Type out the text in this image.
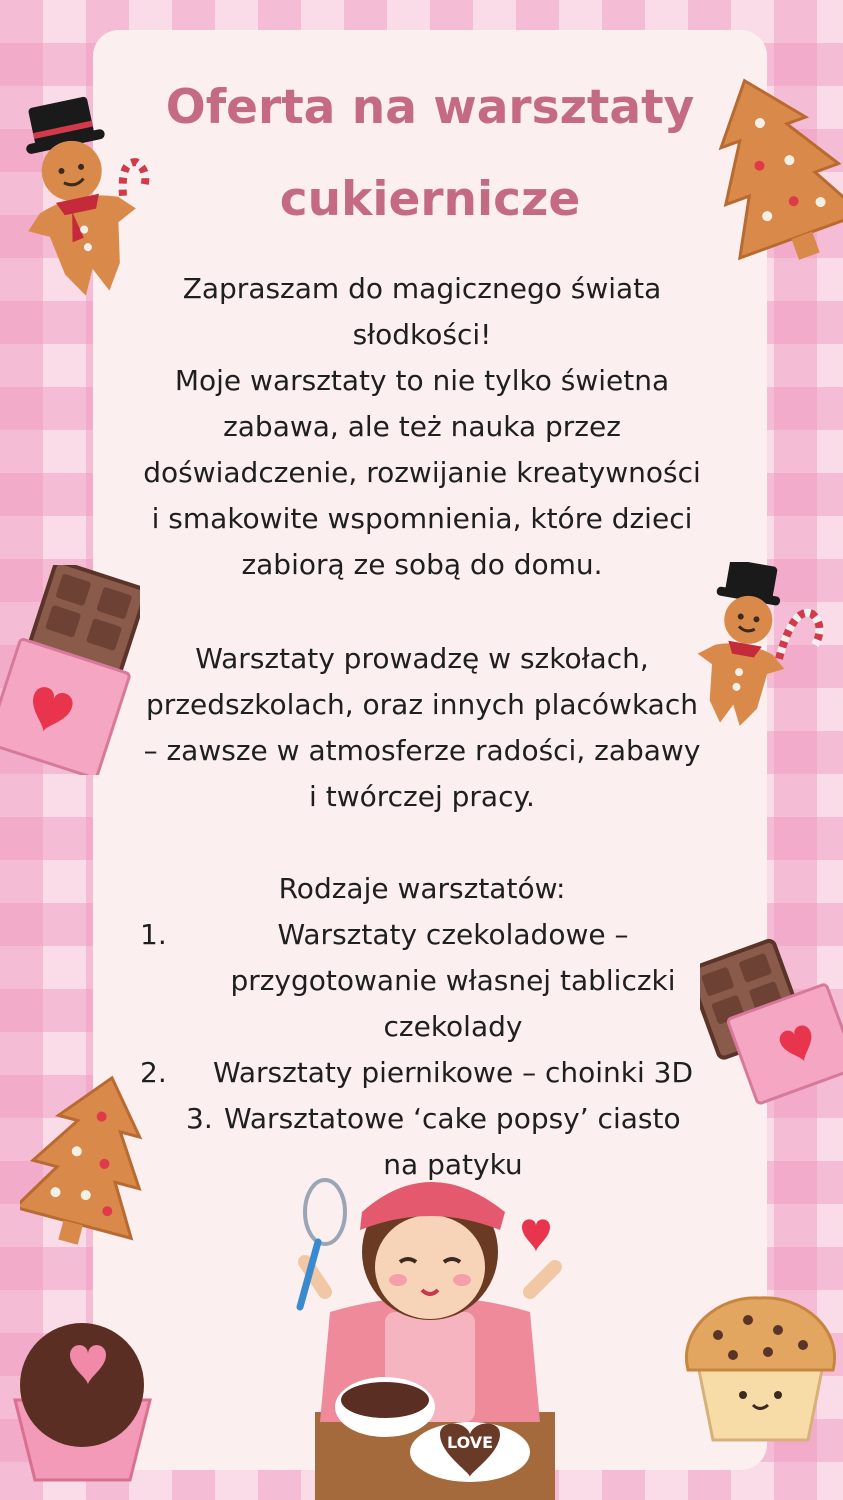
Oferta na warsztaty
cukiernicze
Zapraszam do magicznego świata
słodkości!
Moje warsztaty to nie tylko świetna
zabawa, ale też nauka przez
doświadczenie, rozwijanie kreatywności
i smakowite wspomnienia, które dzieci
zabiorą ze sobą do domu.
Warsztaty prowadzę w szkołach,
przedszkolach, oraz innych placówkach
– zawsze w atmosferze radości, zabawy
i twórczej pracy.
Rodzaje warsztatów:
1.	Warsztaty czekoladowe –
przygotowanie własnej tabliczki
czekolady
2.	Warsztaty piernikowe – choinki 3D
3. Warsztatowe ‘cake popsy’ ciasto
na patyku
LOVE
